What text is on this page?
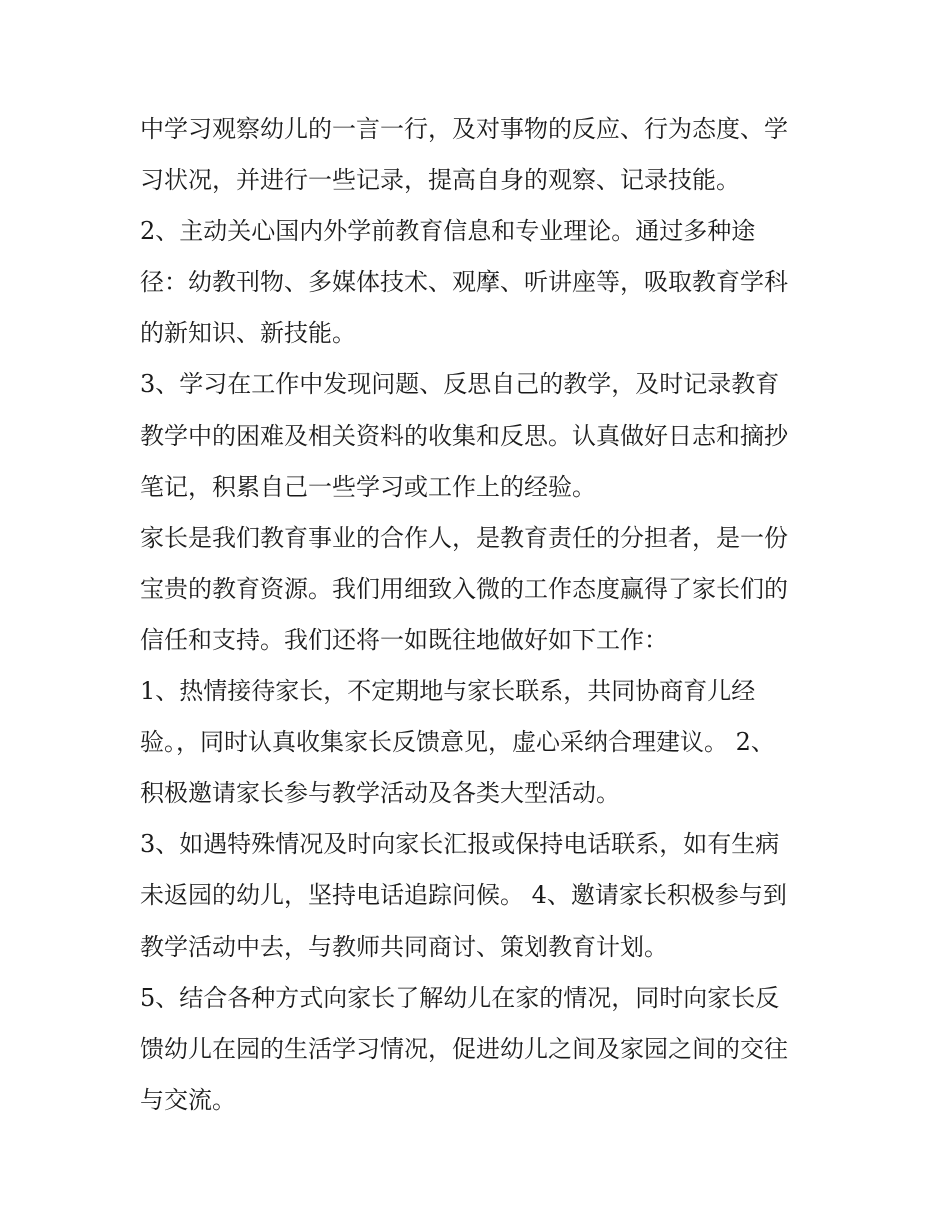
中学习观察幼儿的一言一行，及对事物的反应、行为态度、学
习状况，并进行一些记录，提高自身的观察、记录技能。
2、主动关心国内外学前教育信息和专业理论。通过多种途
径：幼教刊物、多媒体技术、观摩、听讲座等，吸取教育学科
的新知识、新技能。
3、学习在工作中发现问题、反思自己的教学，及时记录教育
教学中的困难及相关资料的收集和反思。认真做好日志和摘抄
笔记，积累自己一些学习或工作上的经验。
家长是我们教育事业的合作人，是教育责任的分担者，是一份
宝贵的教育资源。我们用细致入微的工作态度赢得了家长们的
信任和支持。我们还将一如既往地做好如下工作：
1、热情接待家长，不定期地与家长联系，共同协商育儿经
验。，同时认真收集家长反馈意见，虚心采纳合理建议。 2、
积极邀请家长参与教学活动及各类大型活动。
3、如遇特殊情况及时向家长汇报或保持电话联系，如有生病
未返园的幼儿，坚持电话追踪问候。 4、邀请家长积极参与到
教学活动中去，与教师共同商讨、策划教育计划。
5、结合各种方式向家长了解幼儿在家的情况，同时向家长反
馈幼儿在园的生活学习情况，促进幼儿之间及家园之间的交往
与交流。
